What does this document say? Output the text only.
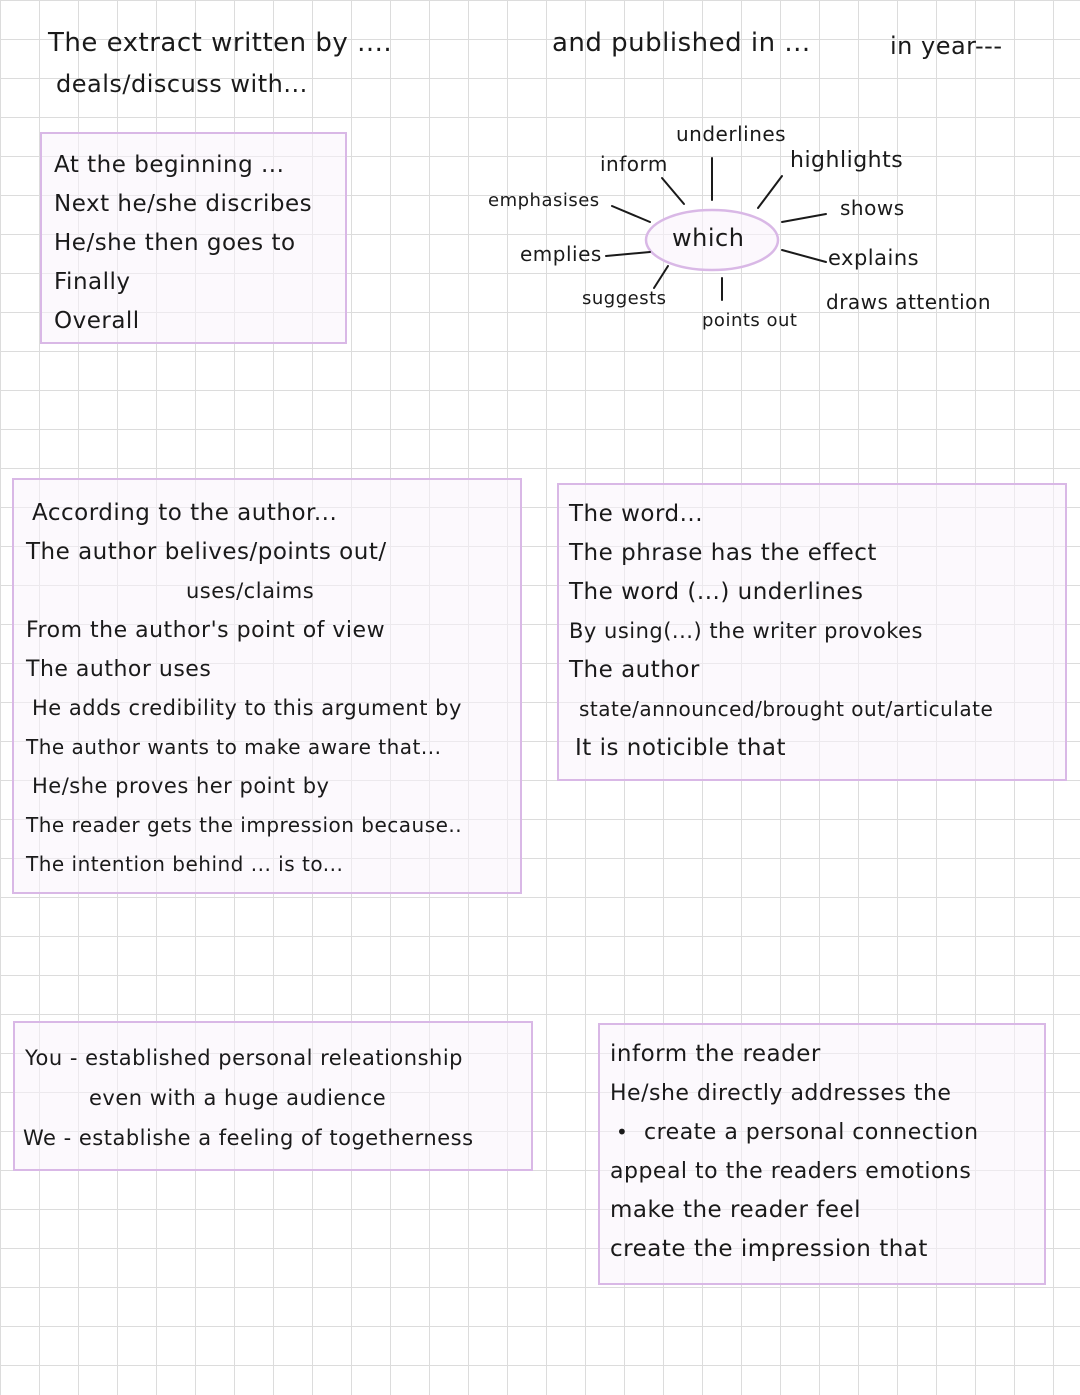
The extract written by ....	and published in ...	in year---
deals/discuss with...
At the beginning ...
Next he/she discribes
He/she then goes to
Finally
Overall
which
underlines
inform	highlights
emphasises	shows
emplies	explains
suggests
points out
draws attention
According to the author...
The author belives/points out/
uses/claims
From the author's point of view
The author uses
He adds credibility to this argument by
The author wants to make aware that...
He/she proves her point by
The reader gets the impression because..
The intention behind ... is to...
The word...
The phrase has the effect
The word (...) underlines
By using(...) the writer provokes
The author
state/announced/brought out/articulate
It is noticible that
You - established personal releationship
even with a huge audience
We - establishe a feeling of togetherness
inform the reader
He/she directly addresses the
• create a personal connection
appeal to the readers emotions
make the reader feel
create the impression that
